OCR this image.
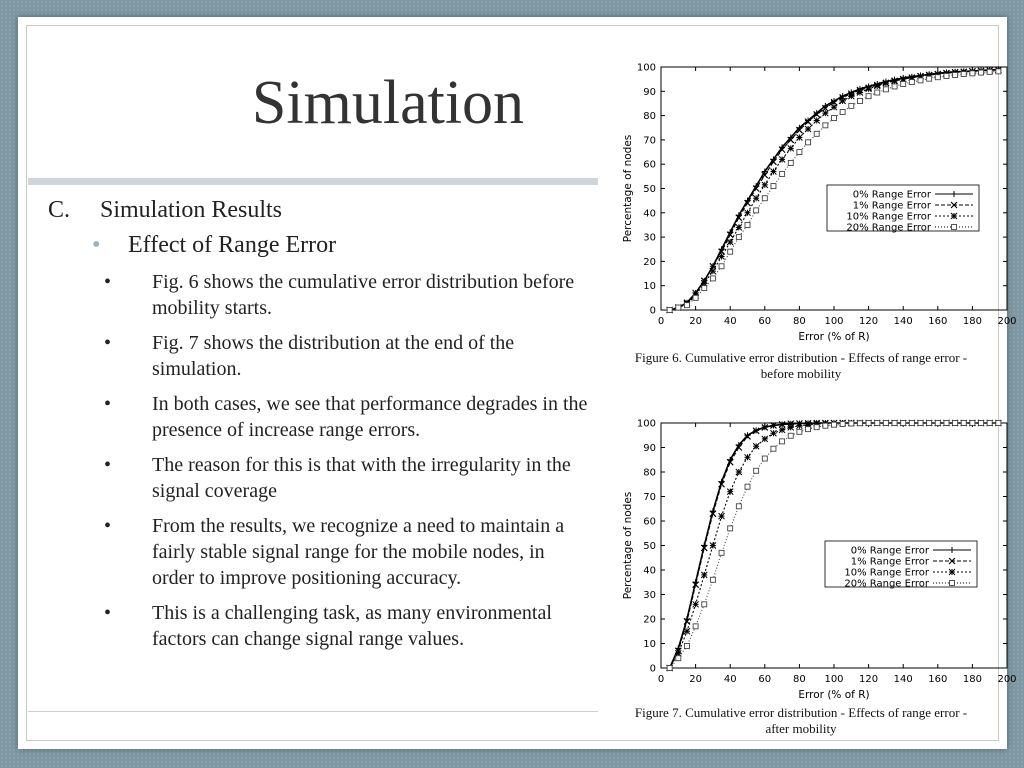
Simulation
C. Simulation Results
• Effect of Range Error
• Fig. 6 shows the cumulative error distribution before mobility starts.
• Fig. 7 shows the distribution at the end of the simulation.
• In both cases, we see that performance degrades in the presence of increase range errors.
• The reason for this is that with the irregularity in the signal coverage
• From the results, we recognize a need to maintain a fairly stable signal range for the mobile nodes, in order to improve positioning accuracy.
• This is a challenging task, as many environmental factors can change signal range values.
0	20 40 60 80 100 120 140 160 180 200
0
10
20
30
40
50
60
70
80
90
100
Error (% of R)
Percentage of nodes	0% Range Error
1% Range Error
10% Range Error
20% Range Error
Figure 6. Cumulative error distribution - Effects of range error -
before mobility
0	20 40 60 80 100 120 140 160 180 200
0
10
20
30
40
50
60
70
80
90
100
Error (% of R)
Percentage of nodes	0% Range Error
1% Range Error
10% Range Error
20% Range Error
Figure 7. Cumulative error distribution - Effects of range error -
after mobility
